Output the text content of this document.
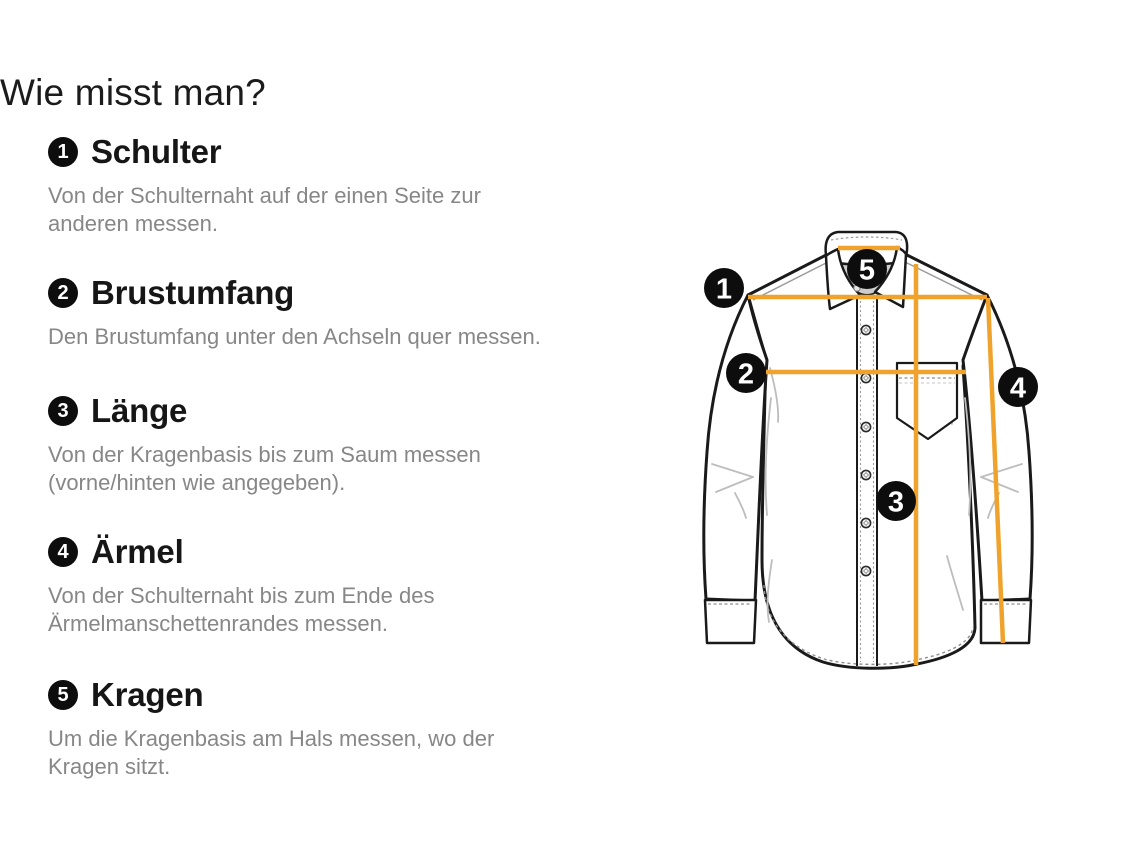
Wie misst man?
1 Schulter
Von der Schulternaht auf der einen Seite zur
anderen messen.
2 Brustumfang
Den Brustumfang unter den Achseln quer messen.
3 Länge
Von der Kragenbasis bis zum Saum messen
(vorne/hinten wie angegeben).
4 Ärmel
Von der Schulternaht bis zum Ende des
Ärmelmanschettenrandes messen.
5 Kragen
Um die Kragenbasis am Hals messen, wo der
Kragen sitzt.
1
2
3
4
5
